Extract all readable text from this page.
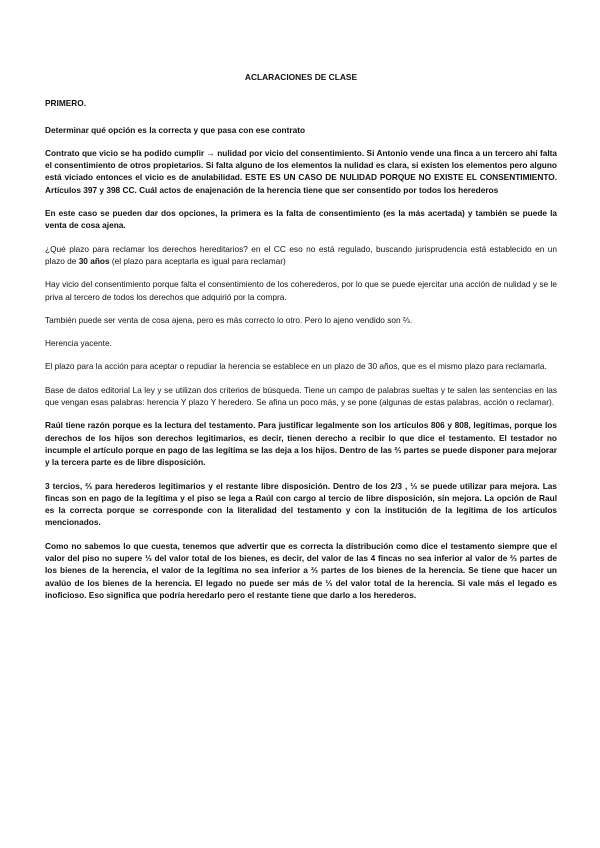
ACLARACIONES DE CLASE
PRIMERO.

Determinar qué opción es la correcta y que pasa con ese contrato

Contrato que vicio se ha podido cumplir → nulidad por vicio del consentimiento. Si Antonio vende una finca a un tercero ahí falta el consentimiento de otros propietarios. Si falta alguno de los elementos la nulidad es clara, si existen los elementos pero alguno está viciado entonces el vicio es de anulabilidad. ESTE ES UN CASO DE NULIDAD PORQUE NO EXISTE EL CONSENTIMIENTO. Artículos 397 y 398 CC. Cuál actos de enajenación de la herencia tiene que ser consentido por todos los herederos

En este caso se pueden dar dos opciones, la primera es la falta de consentimiento (es la más acertada) y también se puede la venta de cosa ajena.

¿Qué plazo para reclamar los derechos hereditarios? en el CC eso no está regulado, buscando jurisprudencia está establecido en un plazo de 30 años (el plazo para aceptarla es igual para reclamar)

Hay vicio del consentimiento porque falta el consentimiento de los coherederos, por lo que se puede ejercitar una acción de nulidad y se le priva al tercero de todos los derechos que adquirió por la compra.

También puede ser venta de cosa ajena, pero es más correcto lo otro. Pero lo ajeno vendido son ⅔.

Herencia yacente.

El plazo para la acción para aceptar o repudiar la herencia se establece en un plazo de 30 años, que es el mismo plazo para reclamarla.

Base de datos editorial La ley y se utilizan dos criterios de búsqueda. Tiene un campo de palabras sueltas y te salen las sentencias en las que vengan esas palabras: herencia Y plazo Y heredero. Se afina un poco más, y se pone (algunas de estas palabras, acción o reclamar).

Raúl tiene razón porque es la lectura del testamento. Para justificar legalmente son los artículos 806 y 808, legítimas, porque los derechos de los hijos son derechos legitimarios, es decir, tienen derecho a recibir lo que dice el testamento. El testador no incumple el artículo porque en pago de las legítima se las deja a los hijos. Dentro de las ⅔ partes se puede disponer para mejorar y la tercera parte es de libre disposición.

3 tercios, ⅔ para herederos legitimarios y el restante libre disposición. Dentro de los 2/3 , ⅓ se puede utilizar para mejora. Las fincas son en pago de la legítima y el piso se lega a Raúl con cargo al tercio de libre disposición, sin mejora. La opción de Raul es la correcta porque se corresponde con la literalidad del testamento y con la institución de la legítima de los artículos mencionados.

Como no sabemos lo que cuesta, tenemos que advertir que es correcta la distribución como dice el testamento siempre que el valor del piso no supere ⅓ del valor total de los bienes, es decir, del valor de las 4 fincas no sea inferior al valor de ⅔ partes de los bienes de la herencia, el valor de la legítima no sea inferior a ⅔ partes de los bienes de la herencia. Se tiene que hacer un avalúo de los bienes de la herencia. El legado no puede ser más de ⅓ del valor total de la herencia. Si vale más el legado es inoficioso. Eso significa que podría heredarlo pero el restante tiene que darlo a los herederos.
